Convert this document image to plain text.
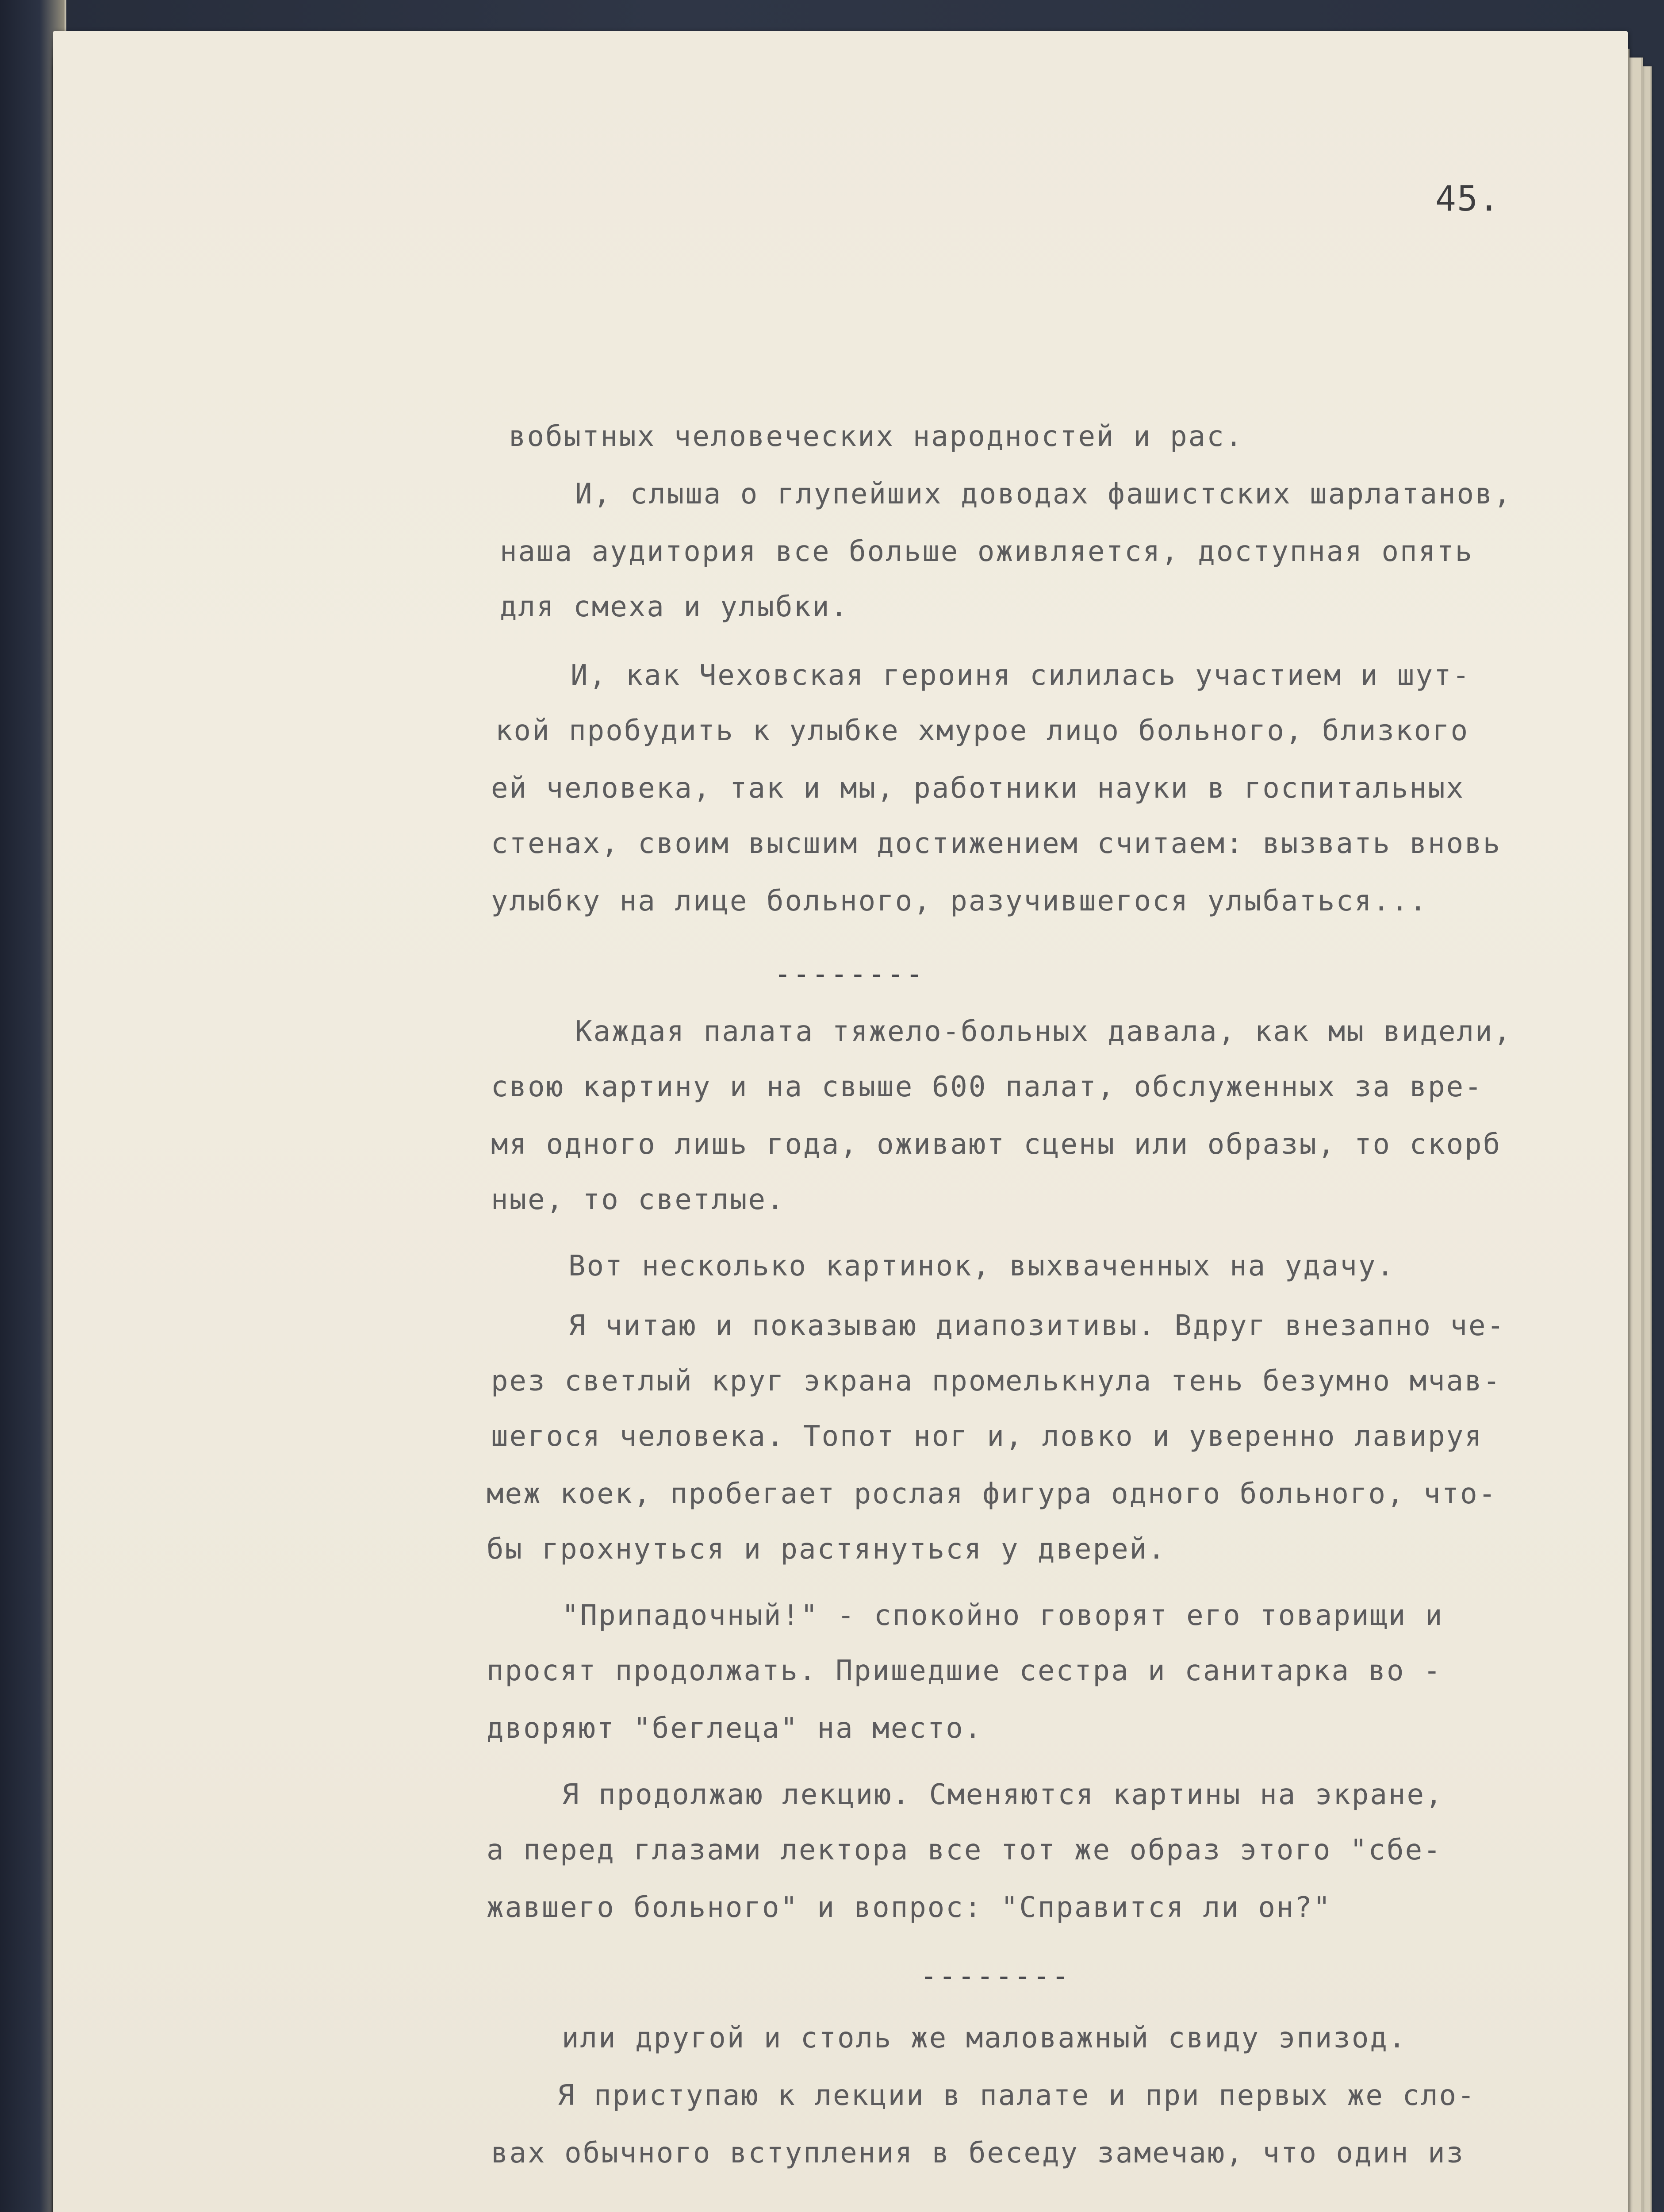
45.
вобытных человеческих народностей и рас.
И, слыша о глупейших доводах фашистских шарлатанов,
наша аудитория все больше оживляется, доступная опять
для смеха и улыбки.
И, как Чеховская героиня силилась участием и шут-
кой пробудить к улыбке хмурое лицо больного, близкого
ей человека, так и мы, работники науки в госпитальных
стенах, своим высшим достижением считаем: вызвать вновь
улыбку на лице больного, разучившегося улыбаться...
--------
Каждая палата тяжело-больных давала, как мы видели,
свою картину и на свыше 600 палат, обслуженных за вре-
мя одного лишь года, оживают сцены или образы, то скорб
ные, то светлые.
Вот несколько картинок, выхваченных на удачу.
Я читаю и показываю диапозитивы. Вдруг внезапно че-
рез светлый круг экрана промелькнула тень безумно мчав-
шегося человека. Топот ног и, ловко и уверенно лавируя
меж коек, пробегает рослая фигура одного больного, что-
бы грохнуться и растянуться у дверей.
"Припадочный!" - спокойно говорят его товарищи и
просят продолжать. Пришедшие сестра и санитарка во -
дворяют "беглеца" на место.
Я продолжаю лекцию. Сменяются картины на экране,
а перед глазами лектора все тот же образ этого "сбе-
жавшего больного" и вопрос: "Справится ли он?"
--------
или другой и столь же маловажный свиду эпизод.
Я приступаю к лекции в палате и при первых же сло-
вах обычного вступления в беседу замечаю, что один из
